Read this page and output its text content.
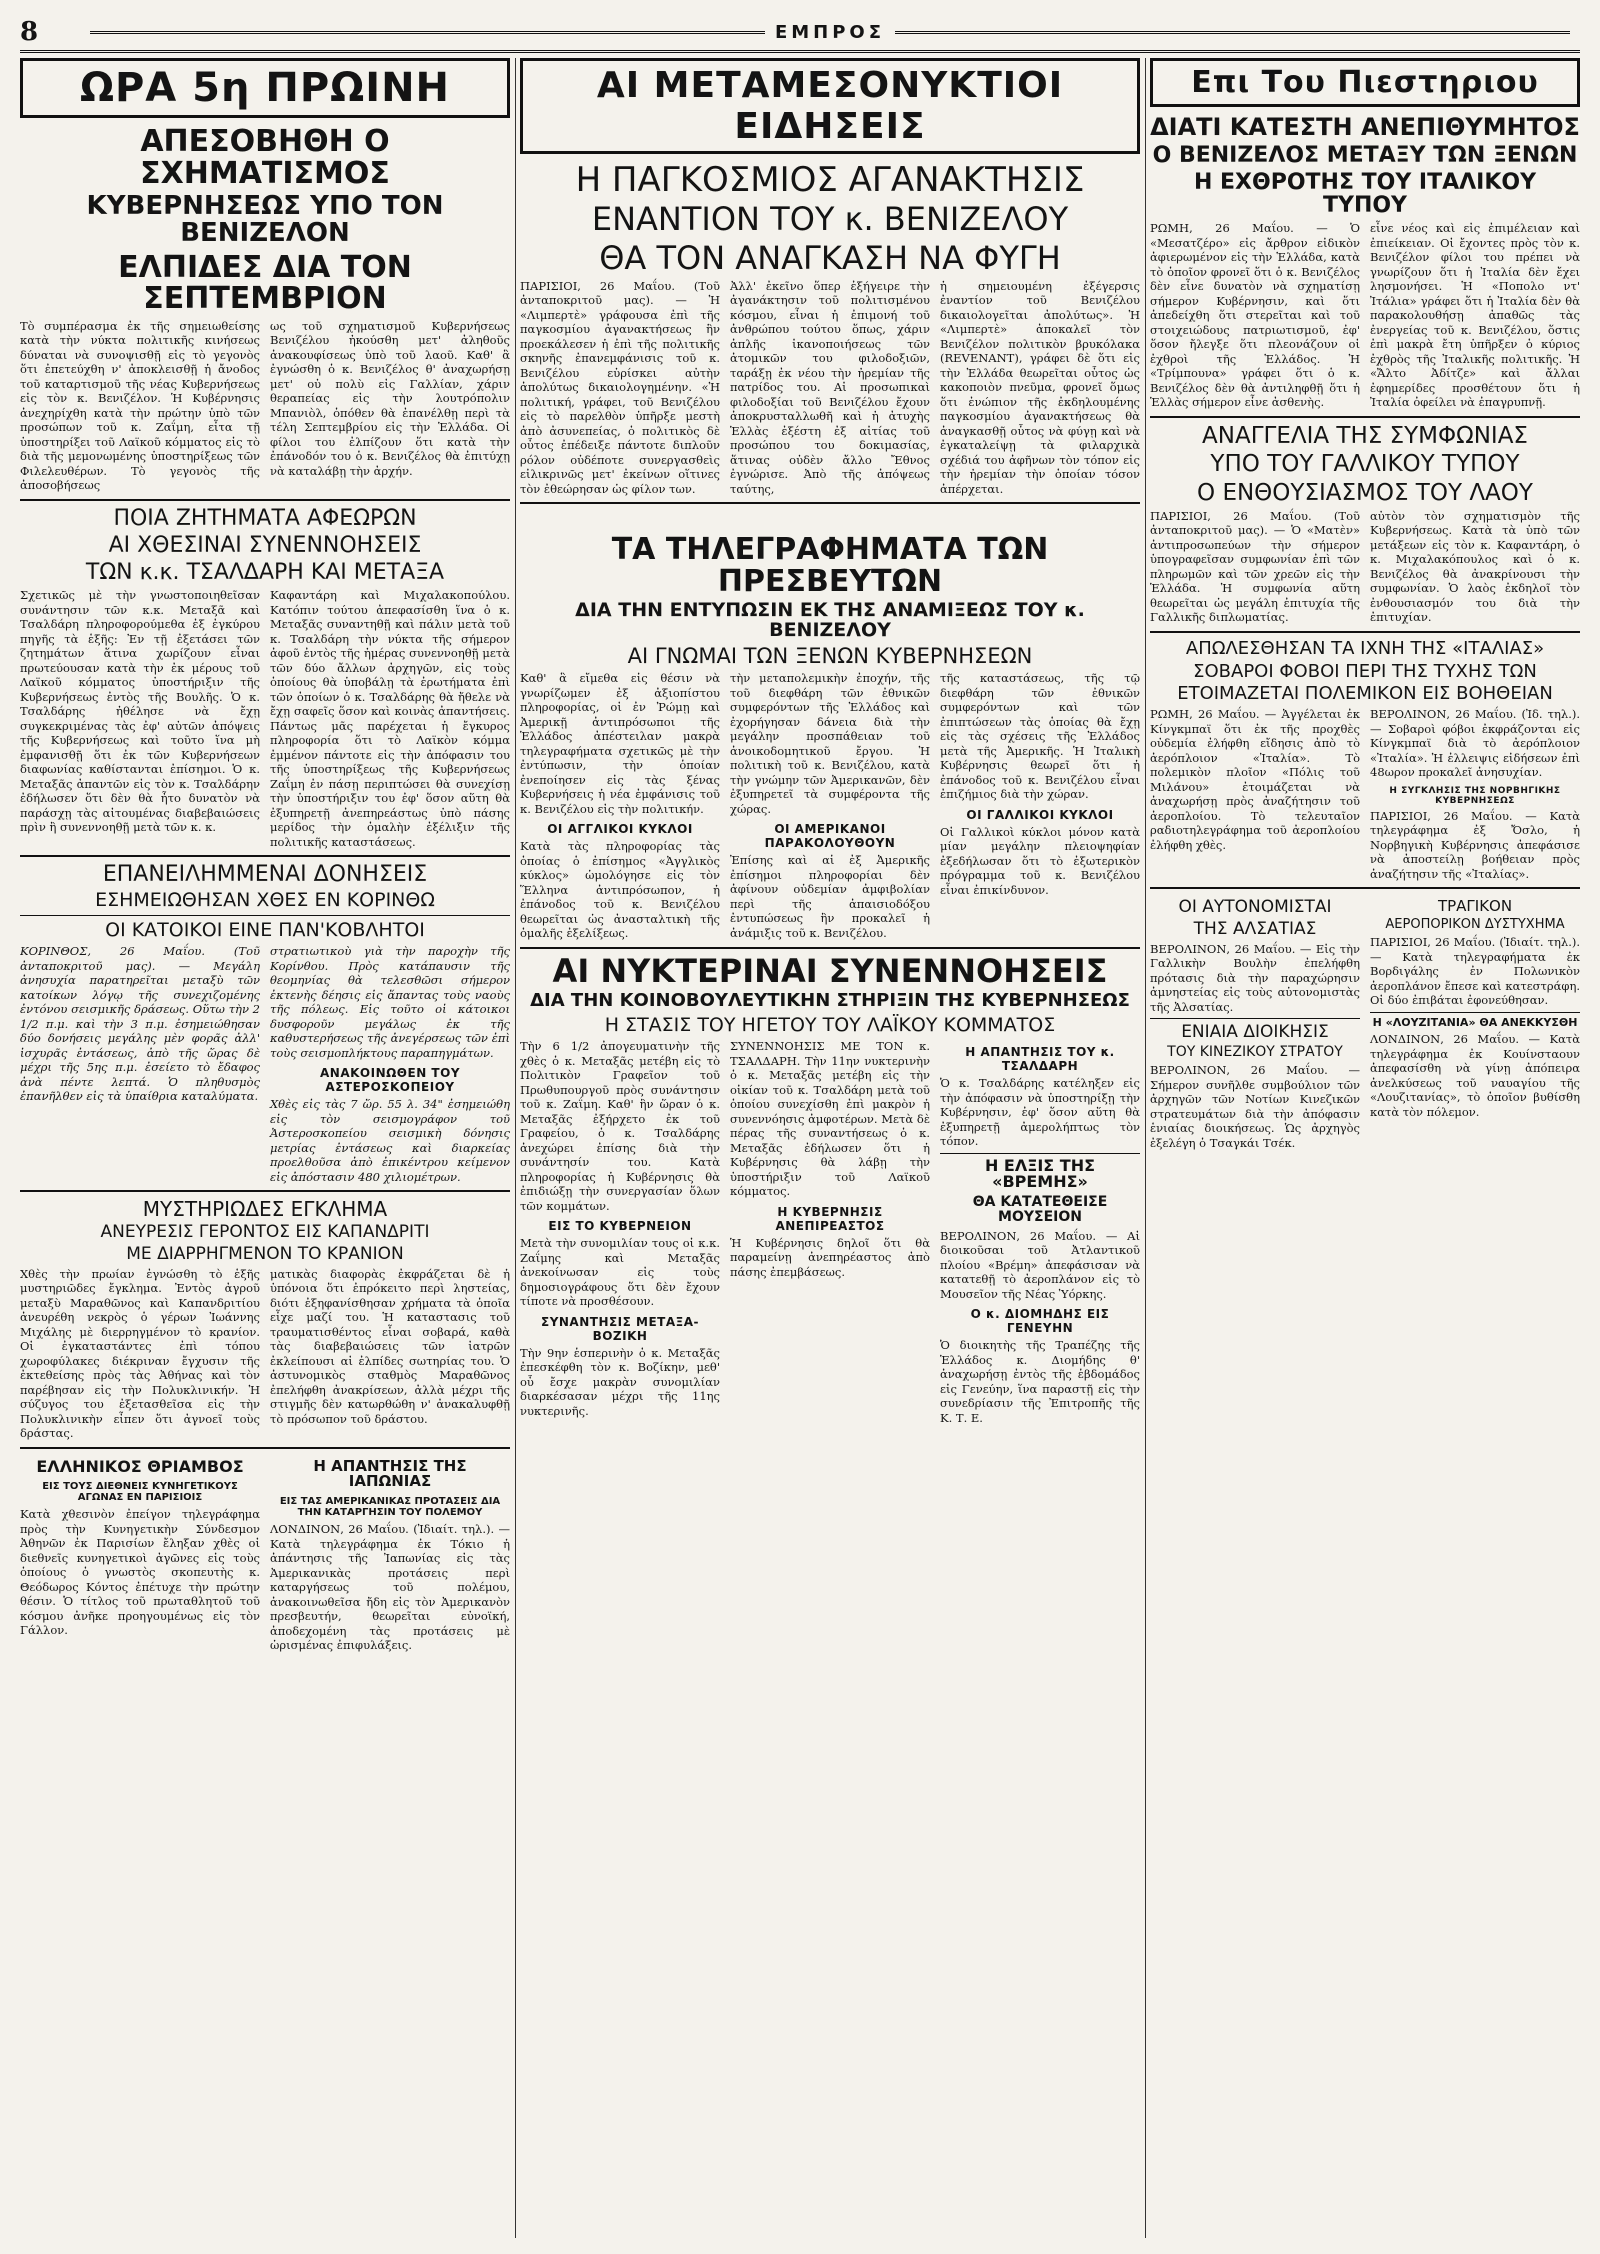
8	ΕΜΠΡΟΣ
ΩΡΑ 5η ΠΡΩΙΝΗ
ΑΠΕΣΟΒΗΘΗ Ο ΣΧΗΜΑΤΙΣΜΟΣ
ΚΥΒΕΡΝΗΣΕΩΣ ΥΠΟ ΤΟΝ ΒΕΝΙΖΕΛΟΝ
ΕΛΠΙΔΕΣ ΔΙΑ ΤΟΝ ΣΕΠΤΕΜΒΡΙΟΝ

Τὸ συμπέρασμα ἐκ τῆς σημειωθείσης κατὰ τὴν νύκτα πολιτικῆς κινήσεως δύναται νὰ συνοψισθῇ εἰς τὸ γεγονὸς ὅτι ἐπετεύχθη ν' ἀποκλεισθῇ ἡ ἄνοδος τοῦ καταρτισμοῦ τῆς νέας Κυβερνήσεως εἰς τὸν κ. Βενιζέλον. Ἡ Κυβέρνησις ἀνεχηρίχθη κατὰ τὴν πρώτην ὑπὸ τῶν προσώπων τοῦ κ. Ζαΐμη, εἶτα τῇ ὑποστηρίξει τοῦ Λαϊκοῦ κόμματος εἰς τὸ διὰ τῆς μεμονωμένης ὑποστηρίξεως τῶν Φιλελευθέρων. Τὸ γεγονὸς τῆς ἀποσοβήσεως

ως τοῦ σχηματισμοῦ Κυβερνήσεως Βενιζέλου ἠκούσθη μετ' ἀληθοῦς ἀνακουφίσεως ὑπὸ τοῦ λαοῦ. Καθ' ἃ ἐγνώσθη ὁ κ. Βενιζέλος θ' ἀναχωρήσῃ μετ' οὐ πολὺ εἰς Γαλλίαν, χάριν θεραπείας εἰς τὴν λουτρόπολιν Μπανιὸλ, ὁπόθεν θὰ ἐπανέλθῃ περὶ τὰ τέλη Σεπτεμβρίου εἰς τὴν Ἑλλάδα. Οἱ φίλοι του ἐλπίζουν ὅτι κατὰ τὴν ἐπάνοδόν του ὁ κ. Βενιζέλος θὰ ἐπιτύχῃ νὰ καταλάβῃ τὴν ἀρχήν.

ΠΟΙΑ ΖΗΤΗΜΑΤΑ ΑΦΕΩΡΩΝ
ΑΙ ΧΘΕΣΙΝΑΙ ΣΥΝΕΝΝΟΗΣΕΙΣ
ΤΩΝ κ.κ. ΤΣΑΛΔΑΡΗ ΚΑΙ ΜΕΤΑΞΑ

Σχετικῶς μὲ τὴν γνωστοποιηθεῖσαν συνάντησιν τῶν κ.κ. Μεταξᾶ καὶ Τσαλδάρη πληροφορούμεθα ἐξ ἐγκύρου πηγῆς τὰ ἑξῆς: Ἐν τῇ ἐξετάσει τῶν ζητημάτων ἅτινα χωρίζουν εἶναι πρωτεύουσαν κατὰ τὴν ἐκ μέρους τοῦ Λαϊκοῦ κόμματος ὑποστήριξιν τῆς Κυβερνήσεως ἐντὸς τῆς Βουλῆς. Ὁ κ. Τσαλδάρης ἠθέλησε νὰ ἔχῃ συγκεκριμένας τὰς ἐφ' αὐτῶν ἀπόψεις τῆς Κυβερνήσεως καὶ τοῦτο ἵνα μὴ ἐμφανισθῇ ὅτι ἐκ τῶν Κυβερνήσεων διαφωνίας καθίστανται ἐπίσημοι. Ὁ κ. Μεταξᾶς ἀπαντῶν εἰς τὸν κ. Τσαλδάρην ἐδήλωσεν ὅτι δὲν θὰ ἦτο δυνατὸν νὰ παράσχῃ τὰς αἰτουμένας διαβεβαιώσεις πρὶν ἢ συνεννοηθῇ μετὰ τῶν κ. κ.

Καφαντάρη καὶ Μιχαλακοπούλου. Κατόπιν τούτου ἀπεφασίσθη ἵνα ὁ κ. Μεταξᾶς συναντηθῇ καὶ πάλιν μετὰ τοῦ κ. Τσαλδάρη τὴν νύκτα τῆς σήμερον ἀφοῦ ἐντὸς τῆς ἡμέρας συνεννοηθῇ μετὰ τῶν δύο ἄλλων ἀρχηγῶν, εἰς τοὺς ὁποίους θὰ ὑποβάλῃ τὰ ἐρωτήματα ἐπὶ τῶν ὁποίων ὁ κ. Τσαλδάρης θὰ ἤθελε νὰ ἔχῃ σαφεῖς ὅσον καὶ κοινὰς ἀπαντήσεις. Πάντως μᾶς παρέχεται ἡ ἔγκυρος πληροφορία ὅτι τὸ Λαϊκὸν κόμμα ἐμμένον πάντοτε εἰς τὴν ἀπόφασιν του τῆς ὑποστηρίξεως τῆς Κυβερνήσεως Ζαΐμη ἐν πάσῃ περιπτώσει θὰ συνεχίσῃ τὴν ὑποστήριξιν του ἐφ' ὅσον αὕτη θὰ ἐξυπηρετῇ ἀνεπηρεάστως ὑπὸ πάσης μερίδος τὴν ὁμαλὴν ἐξέλιξιν τῆς πολιτικῆς καταστάσεως.

ΕΠΑΝΕΙΛΗΜΜΕΝΑΙ ΔΟΝΗΣΕΙΣ
ΕΣΗΜΕΙΩΘΗΣΑΝ ΧΘΕΣ ΕΝ ΚΟΡΙΝΘΩ
ΟΙ ΚΑΤΟΙΚΟΙ ΕΙΝΕ ΠΑΝ'ΚΟΒΛΗΤΟΙ

ΚΟΡΙΝΘΟΣ, 26 Μαΐου. (Τοῦ ἀνταποκριτοῦ μας). — Μεγάλη ἀνησυχία παρατηρεῖται μεταξὺ τῶν κατοίκων λόγῳ τῆς συνεχιζομένης ἐντόνου σεισμικῆς δράσεως. Οὕτω τὴν 2 1/2 π.μ. καὶ τὴν 3 π.μ. ἐσημειώθησαν δύο δονήσεις μεγάλης μὲν φορᾶς ἀλλ' ἰσχυρᾶς ἐντάσεως, ἀπὸ τῆς ὥρας δὲ μέχρι τῆς 5ης π.μ. ἐσείετο τὸ ἔδαφος ἀνὰ πέντε λεπτά. Ὁ πληθυσμὸς ἐπανῆλθεν εἰς τὰ ὑπαίθρια καταλύματα.

στρατιωτικοὺ γιὰ τὴν παροχὴν τῆς Κορίνθου. Πρὸς κατάπαυσιν τῆς θεομηνίας θὰ τελεσθῶσι σήμερον ἐκτενὴς δέησις εἰς ἅπαντας τοὺς ναοὺς τῆς πόλεως. Εἰς τοῦτο οἱ κάτοικοι δυσφοροῦν μεγάλως ἐκ τῆς καθυστερήσεως τῆς ἀνεγέρσεως τῶν ἐπὶ τοὺς σεισμοπλήκτους παραπηγμάτων.

ΑΝΑΚΟΙΝΩΘΕΝ ΤΟΥ ΑΣΤΕΡΟΣΚΟΠΕΙΟΥ

Χθὲς εἰς τὰς 7 ὥρ. 55 λ. 34" ἐσημειώθη εἰς τὸν σεισμογράφον τοῦ Ἀστεροσκοπείου σεισμικὴ δόνησις μετρίας ἐντάσεως καὶ διαρκείας προελθοῦσα ἀπὸ ἐπικέντρου κείμενον εἰς ἀπόστασιν 480 χιλιομέτρων.

ΜΥΣΤΗΡΙΩΔΕΣ ΕΓΚΛΗΜΑ
ΑΝΕΥΡΕΣΙΣ ΓΕΡΟΝΤΟΣ ΕΙΣ ΚΑΠΑΝΔΡΙΤΙ
ΜΕ ΔΙΑΡΡΗΓΜΕΝΟΝ ΤΟ ΚΡΑΝΙΟΝ

Χθὲς τὴν πρωίαν ἐγνώσθη τὸ ἑξῆς μυστηριῶδες ἔγκλημα. Ἐντὸς ἀγροῦ μεταξὺ Μαραθῶνος καὶ Καπανδριτίου ἀνευρέθη νεκρὸς ὁ γέρων Ἰωάννης Μιχάλης μὲ διερρηγμένον τὸ κρανίον. Οἱ ἐγκαταστάντες ἐπὶ τόπου χωροφύλακες διέκριναν ἔγχυσιν τῆς ἐκτεθείσης πρὸς τὰς Ἀθήνας καὶ τὸν παρέβησαν εἰς τὴν Πολυκλινικήν. Ἡ σύζυγος του ἐξετασθεῖσα εἰς τὴν Πολυκλινικὴν εἶπεν ὅτι ἀγνοεῖ τοὺς δράστας.

ματικὰς διαφορὰς ἐκφράζεται δὲ ἡ ὑπόνοια ὅτι ἐπρόκειτο περὶ ληστείας, διότι ἐξηφανίσθησαν χρήματα τὰ ὁποῖα εἶχε μαζί του. Ἡ καταστασις τοῦ τραυματισθέντος εἶναι σοβαρά, καθὰ τὰς διαβεβαιώσεις τῶν ἰατρῶν ἐκλείπουσι αἱ ἐλπίδες σωτηρίας του. Ὁ ἀστυνομικὸς σταθμὸς Μαραθῶνος ἐπελήφθη ἀνακρίσεων, ἀλλὰ μέχρι τῆς στιγμῆς δὲν κατωρθώθη ν' ἀνακαλυφθῇ τὸ πρόσωπον τοῦ δράστου.

ΕΛΛΗΝΙΚΟΣ ΘΡΙΑΜΒΟΣ
ΕΙΣ ΤΟΥΣ ΔΙΕΘΝΕΙΣ ΚΥΝΗΓΕΤΙΚΟΥΣ ΑΓΩΝΑΣ ΕΝ ΠΑΡΙΣΙΟΙΣ

Κατὰ χθεσινὸν ἐπείγον τηλεγράφημα πρὸς τὴν Κυνηγετικὴν Σύνδεσμον Ἀθηνῶν ἐκ Παρισίων ἔληξαν χθὲς οἱ διεθνεῖς κυνηγετικοὶ ἀγῶνες εἰς τοὺς ὁποίους ὁ γνωστὸς σκοπευτὴς κ. Θεόδωρος Κόντος ἐπέτυχε τὴν πρώτην θέσιν. Ὁ τίτλος τοῦ πρωταθλητοῦ τοῦ κόσμου ἀνῆκε προηγουμένως εἰς τὸν Γάλλον.

Η ΑΠΑΝΤΗΣΙΣ ΤΗΣ ΙΑΠΩΝΙΑΣ
ΕΙΣ ΤΑΣ ΑΜΕΡΙΚΑΝΙΚΑΣ ΠΡΟΤΑΣΕΙΣ ΔΙΑ ΤΗΝ ΚΑΤΑΡΓΗΣΙΝ ΤΟΥ ΠΟΛΕΜΟΥ

ΛΟΝΔΙΝΟΝ, 26 Μαΐου. (Ἰδιαίτ. τηλ.). — Κατὰ τηλεγράφημα ἐκ Τόκιο ἡ ἀπάντησις τῆς Ἰαπωνίας εἰς τὰς Ἀμερικανικὰς προτάσεις περὶ καταργήσεως τοῦ πολέμου, ἀνακοινωθεῖσα ἤδη εἰς τὸν Ἀμερικανὸν πρεσβευτήν, θεωρεῖται εὐνοϊκή, ἀποδεχομένη τὰς προτάσεις μὲ ὡρισμένας ἐπιφυλάξεις.

ΑΙ ΜΕΤΑΜΕΣΟΝΥΚΤΙΟΙ ΕΙΔΗΣΕΙΣ
Η ΠΑΓΚΟΣΜΙΟΣ ΑΓΑΝΑΚΤΗΣΙΣ
ΕΝΑΝΤΙΟΝ ΤΟΥ κ. ΒΕΝΙΖΕΛΟΥ
ΘΑ ΤΟΝ ΑΝΑΓΚΑΣΗ ΝΑ ΦΥΓΗ

ΠΑΡΙΣΙΟΙ, 26 Μαΐου. (Τοῦ ἀνταποκριτοῦ μας). — Ἡ «Λιμπερτὲ» γράφουσα ἐπὶ τῆς παγκοσμίου ἀγανακτήσεως ἣν προεκάλεσεν ἡ ἐπὶ τῆς πολιτικῆς σκηνῆς ἐπανεμφάνισις τοῦ κ. Βενιζέλου εὑρίσκει αὐτὴν ἀπολύτως δικαιολογημένην. «Ἡ πολιτική, γράφει, τοῦ Βενιζέλου εἰς τὸ παρελθὸν ὑπῆρξε μεστὴ ἀπὸ ἀσυνεπείας, ὁ πολιτικὸς δὲ οὗτος ἐπέδειξε πάντοτε διπλοῦν ρόλον οὐδέποτε συνεργασθεὶς εἰλικρινῶς μετ' ἐκείνων οἵτινες τὸν ἐθεώρησαν ὡς φίλον των.

Ἀλλ' ἐκεῖνο ὅπερ ἐξήγειρε τὴν ἀγανάκτησιν τοῦ πολιτισμένου κόσμου, εἶναι ἡ ἐπιμονή τοῦ ἀνθρώπου τούτου ὅπως, χάριν ἀπλῆς ἱκανοποιήσεως τῶν ἀτομικῶν του φιλοδοξιῶν, ταράξῃ ἐκ νέου τὴν ἠρεμίαν τῆς πατρίδος του. Αἱ προσωπικαὶ φιλοδοξίαι τοῦ Βενιζέλου ἔχουν ἀποκρυσταλλωθῆ καὶ ἡ ἀτυχὴς Ἑλλὰς ἐξέστη ἐξ αἰτίας τοῦ προσώπου του δοκιμασίας, ἅτινας οὐδὲν ἄλλο Ἔθνος ἐγνώρισε. Ἀπὸ τῆς ἀπόψεως ταύτης,

ἡ σημειουμένη ἐξέγερσις ἐναντίον τοῦ Βενιζέλου δικαιολογεῖται ἀπολύτως». Ἡ «Λιμπερτὲ» ἀποκαλεῖ τὸν Βενιζέλον πολιτικὸν βρυκόλακα (REVENANT), γράφει δὲ ὅτι εἰς τὴν Ἑλλάδα θεωρεῖται οὗτος ὡς κακοποιὸν πνεῦμα, φρονεῖ ὅμως ὅτι ἐνώπιον τῆς ἐκδηλουμένης παγκοσμίου ἀγανακτήσεως θὰ ἀναγκασθῇ οὗτος νὰ φύγῃ καὶ νὰ ἐγκαταλείψῃ τὰ φιλαρχικὰ σχέδιά του ἀφῆνων τὸν τόπον εἰς τὴν ἠρεμίαν τὴν ὁποίαν τόσον ἀπέρχεται.

ΤΑ ΤΗΛΕΓΡΑΦΗΜΑΤΑ ΤΩΝ ΠΡΕΣΒΕΥΤΩΝ
ΔΙΑ ΤΗΝ ΕΝΤΥΠΩΣΙΝ ΕΚ ΤΗΣ ΑΝΑΜΙΞΕΩΣ ΤΟΥ κ. ΒΕΝΙΖΕΛΟΥ
ΑΙ ΓΝΩΜΑΙ ΤΩΝ ΞΕΝΩΝ ΚΥΒΕΡΝΗΣΕΩΝ

Καθ' ἃ εἴμεθα εἰς θέσιν νὰ γνωρίζωμεν ἐξ ἀξιοπίστου πληροφορίας, οἱ ἐν Ῥώμῃ καὶ Ἀμερικῇ ἀντιπρόσωποι τῆς Ἑλλάδος ἀπέστειλαν μακρὰ τηλεγραφήματα σχετικῶς μὲ τὴν ἐντύπωσιν, τὴν ὁποίαν ἐνεποίησεν εἰς τὰς ξένας Κυβερνήσεις ἡ νέα ἐμφάνισις τοῦ κ. Βενιζέλου εἰς τὴν πολιτικήν.

ΟΙ ΑΓΓΛΙΚΟΙ ΚΥΚΛΟΙ

Κατὰ τὰς πληροφορίας τὰς ὁποίας ὁ ἐπίσημος «Ἀγγλικὸς κύκλος» ὡμολόγησε εἰς τὸν Ἕλληνα ἀντιπρόσωπον, ἡ ἐπάνοδος τοῦ κ. Βενιζέλου θεωρεῖται ὡς ἀνασταλτικὴ τῆς ὁμαλῆς ἐξελίξεως.

τὴν μεταπολεμικὴν ἐποχήν, τῆς τοῦ διεφθάρη τῶν ἐθνικῶν συμφερόντων τῆς Ἑλλάδος καὶ ἐχορήγησαν δάνεια διὰ τὴν μεγάλην προσπάθειαν τοῦ ἀνοικοδομητικοῦ ἔργου. Ἡ πολιτικὴ τοῦ κ. Βενιζέλου, κατὰ τὴν γνώμην τῶν Ἀμερικανῶν, δὲν ἐξυπηρετεῖ τὰ συμφέροντα τῆς χώρας.

ΟΙ ΑΜΕΡΙΚΑΝΟΙ ΠΑΡΑΚΟΛΟΥΘΟΥΝ

Ἐπίσης καὶ αἱ ἐξ Ἀμερικῆς ἐπίσημοι πληροφορίαι δὲν ἀφίνουν οὐδεμίαν ἀμφιβολίαν περὶ τῆς ἀπαισιοδόξου ἐντυπώσεως ἣν προκαλεῖ ἡ ἀνάμιξις τοῦ κ. Βενιζέλου.

τῆς καταστάσεως, τῆς τῷ διεφθάρη τῶν ἐθνικῶν συμφερόντων καὶ τῶν ἐπιπτώσεων τὰς ὁποίας θὰ ἔχῃ εἰς τὰς σχέσεις τῆς Ἑλλάδος μετὰ τῆς Ἀμερικῆς. Ἡ Ἰταλικὴ Κυβέρνησις θεωρεῖ ὅτι ἡ ἐπάνοδος τοῦ κ. Βενιζέλου εἶναι ἐπιζήμιος διὰ τὴν χώραν.

ΟΙ ΓΑΛΛΙΚΟΙ ΚΥΚΛΟΙ

Οἱ Γαλλικοὶ κύκλοι μόνον κατὰ μίαν μεγάλην πλειοψηφίαν ἐξεδήλωσαν ὅτι τὸ ἐξωτερικὸν πρόγραμμα τοῦ κ. Βενιζέλου εἶναι ἐπικίνδυνον.

ΑΙ ΝΥΚΤΕΡΙΝΑΙ ΣΥΝΕΝΝΟΗΣΕΙΣ
ΔΙΑ ΤΗΝ ΚΟΙΝΟΒΟΥΛΕΥΤΙΚΗΝ ΣΤΗΡΙΞΙΝ ΤΗΣ ΚΥΒΕΡΝΗΣΕΩΣ
Η ΣΤΑΣΙΣ ΤΟΥ ΗΓΕΤΟΥ ΤΟΥ ΛΑΪΚΟΥ ΚΟΜΜΑΤΟΣ

Τὴν 6 1/2 ἀπογευματινὴν τῆς χθὲς ὁ κ. Μεταξᾶς μετέβη εἰς τὸ Πολιτικὸν Γραφεῖον τοῦ Πρωθυπουργοῦ πρὸς συνάντησιν τοῦ κ. Ζαΐμη. Καθ' ἣν ὥραν ὁ κ. Μεταξᾶς ἐξήρχετο ἐκ τοῦ Γραφείου, ὁ κ. Τσαλδάρης ἀνεχώρει ἐπίσης διὰ τὴν συνάντησίν του. Κατὰ πληροφορίας ἡ Κυβέρνησις θὰ ἐπιδιώξῃ τὴν συνεργασίαν ὅλων τῶν κομμάτων.

ΕΙΣ ΤΟ ΚΥΒΕΡΝΕΙΟΝ

Μετὰ τὴν συνομιλίαν τους οἱ κ.κ. Ζαΐμης καὶ Μεταξᾶς ἀνεκοίνωσαν εἰς τοὺς δημοσιογράφους ὅτι δὲν ἔχουν τίποτε νὰ προσθέσουν.

ΣΥΝΑΝΤΗΣΙΣ ΜΕΤΑΞΑ-ΒΟΖΙΚΗ

Τὴν 9ην ἑσπερινὴν ὁ κ. Μεταξᾶς ἐπεσκέφθη τὸν κ. Βοζίκην, μεθ' οὗ ἔσχε μακρὰν συνομιλίαν διαρκέσασαν μέχρι τῆς 11ης νυκτερινῆς.

ΣΥΝΕΝΝΟΗΣΙΣ ΜΕ ΤΟΝ κ. ΤΣΑΛΔΑΡΗ. Τὴν 11ην νυκτερινὴν ὁ κ. Μεταξᾶς μετέβη εἰς τὴν οἰκίαν τοῦ κ. Τσαλδάρη μετὰ τοῦ ὁποίου συνεχίσθη ἐπὶ μακρὸν ἡ συνεννόησις ἀμφοτέρων. Μετὰ δὲ πέρας τῆς συναντήσεως ὁ κ. Μεταξᾶς ἐδήλωσεν ὅτι ἡ Κυβέρνησις θὰ λάβῃ τὴν ὑποστήριξιν τοῦ Λαϊκοῦ κόμματος.

Η ΚΥΒΕΡΝΗΣΙΣ ΑΝΕΠΙΡΕΑΣΤΟΣ

Ἡ Κυβέρνησις δηλοῖ ὅτι θὰ παραμείνῃ ἀνεπηρέαστος ἀπὸ πάσης ἐπεμβάσεως.

Η ΑΠΑΝΤΗΣΙΣ ΤΟΥ κ. ΤΣΑΛΔΑΡΗ

Ὁ κ. Τσαλδάρης κατέληξεν εἰς τὴν ἀπόφασιν νὰ ὑποστηρίξῃ τὴν Κυβέρνησιν, ἐφ' ὅσον αὕτη θὰ ἐξυπηρετῇ ἀμερολήπτως τὸν τόπον.

Η ΕΛΞΙΣ ΤΗΣ «ΒΡΕΜΗΣ»
ΘΑ ΚΑΤΑΤΕΘΕΙΣΕ ΜΟΥΣΕΙΟΝ

ΒΕΡΟΛΙΝΟΝ, 26 Μαΐου. — Αἱ διοικοῦσαι τοῦ Ἀτλαντικοῦ πλοίου «Βρέμη» ἀπεφάσισαν νὰ κατατεθῇ τὸ ἀεροπλάνον εἰς τὸ Μουσεῖον τῆς Νέας Ὑόρκης.

Ο κ. ΔΙΟΜΗΔΗΣ ΕΙΣ ΓΕΝΕΥΗΝ

Ὁ διοικητὴς τῆς Τραπέζης τῆς Ἑλλάδος κ. Διομήδης θ' ἀναχωρήσῃ ἐντὸς τῆς ἑβδομάδος εἰς Γενεύην, ἵνα παραστῇ εἰς τὴν συνεδρίασιν τῆς Ἐπιτροπῆς τῆς Κ. Τ. Ε.

Επι Του Πιεστηριου
ΔΙΑΤΙ ΚΑΤΕΣΤΗ ΑΝΕΠΙΘΥΜΗΤΟΣ
Ο ΒΕΝΙΖΕΛΟΣ ΜΕΤΑΞΥ ΤΩΝ ΞΕΝΩΝ
Η ΕΧΘΡΟΤΗΣ ΤΟΥ ΙΤΑΛΙΚΟΥ ΤΥΠΟΥ

ΡΩΜΗ, 26 Μαΐου. — Ὁ «Μεσατζέρο» εἰς ἄρθρον εἰδικὸν ἀφιερωμένον εἰς τὴν Ἑλλάδα, κατὰ τὸ ὁποῖον φρονεῖ ὅτι ὁ κ. Βενιζέλος δὲν εἶνε δυνατὸν νὰ σχηματίσῃ σήμερον Κυβέρνησιν, καὶ ὅτι ἀπεδείχθη ὅτι στερεῖται καὶ τοῦ στοιχειώδους πατριωτισμοῦ, ἐφ' ὅσον ἤλεγξε ὅτι πλεονάζουν οἱ ἐχθροὶ τῆς Ἑλλάδος. Ἡ «Τρίμπουνα» γράφει ὅτι ὁ κ. Βενιζέλος δὲν θὰ ἀντιληφθῇ ὅτι ἡ Ἑλλὰς σήμερον εἶνε ἀσθενὴς.

εἶνε νέος καὶ εἰς ἐπιμέλειαν καὶ ἐπιείκειαν. Οἱ ἔχοντες πρὸς τὸν κ. Βενιζέλον φίλοι του πρέπει νὰ γνωρίζουν ὅτι ἡ Ἰταλία δὲν ἔχει λησμονήσει. Ἡ «Ποπολο ντ' Ἰτάλια» γράφει ὅτι ἡ Ἰταλία δὲν θὰ παρακολουθήσῃ ἀπαθῶς τὰς ἐνεργείας τοῦ κ. Βενιζέλου, ὅστις ἐπὶ μακρὰ ἔτη ὑπῆρξεν ὁ κύριος ἐχθρὸς τῆς Ἰταλικῆς πολιτικῆς. Ἡ «Ἄλτο Ἀδίτζε» καὶ ἄλλαι ἐφημερίδες προσθέτουν ὅτι ἡ Ἰταλία ὀφείλει νὰ ἐπαγρυπνῇ.

ΑΝΑΓΓΕΛΙΑ ΤΗΣ ΣΥΜΦΩΝΙΑΣ
ΥΠΟ ΤΟΥ ΓΑΛΛΙΚΟΥ ΤΥΠΟΥ
Ο ΕΝΘΟΥΣΙΑΣΜΟΣ ΤΟΥ ΛΑΟΥ

ΠΑΡΙΣΙΟΙ, 26 Μαΐου. (Τοῦ ἀνταποκριτοῦ μας). — Ὁ «Ματὲν» ἀντιπροσωπεύων τὴν σήμερον ὑπογραφεῖσαν συμφωνίαν ἐπὶ τῶν πληρωμῶν καὶ τῶν χρεῶν εἰς τὴν Ἑλλάδα. Ἡ συμφωνία αὕτη θεωρεῖται ὡς μεγάλη ἐπιτυχία τῆς Γαλλικῆς διπλωματίας.

αὐτὸν τὸν σχηματισμὸν τῆς Κυβερνήσεως. Κατὰ τὰ ὑπὸ τῶν μετάξεων εἰς τὸν κ. Καφαντάρη, ὁ κ. Μιχαλακόπουλος καὶ ὁ κ. Βενιζέλος θὰ ἀνακρίνουσι τὴν συμφωνίαν. Ὁ λαὸς ἐκδηλοῖ τὸν ἐνθουσιασμόν του διὰ τὴν ἐπιτυχίαν.

ΑΠΩΛΕΣΘΗΣΑΝ ΤΑ ΙΧΝΗ ΤΗΣ «ΙΤΑΛΙΑΣ»
ΣΟΒΑΡΟΙ ΦΟΒΟΙ ΠΕΡΙ ΤΗΣ ΤΥΧΗΣ ΤΩΝ
ΕΤΟΙΜΑΖΕΤΑΙ ΠΟΛΕΜΙΚΟΝ ΕΙΣ ΒΟΗΘΕΙΑΝ

ΡΩΜΗ, 26 Μαΐου. — Ἀγγέλεται ἐκ Κίνγκμπαϊ ὅτι ἐκ τῆς προχθὲς οὐδεμία ἐλήφθη εἴδησις ἀπὸ τὸ ἀερόπλοιον «Ἰταλία». Τὸ πολεμικὸν πλοῖον «Πόλις τοῦ Μιλάνου» ἐτοιμάζεται νὰ ἀναχωρήσῃ πρὸς ἀναζήτησιν τοῦ ἀεροπλοίου. Τὸ τελευταῖον ραδιοτηλεγράφημα τοῦ ἀεροπλοίου ἐλήφθη χθὲς.

ΒΕΡΟΛΙΝΟΝ, 26 Μαΐου. (Ἰδ. τηλ.). — Σοβαροὶ φόβοι ἐκφράζονται εἰς Κίνγκμπαϊ διὰ τὸ ἀερόπλοιον «Ἰταλία». Ἡ ἐλλειψις εἰδήσεων ἐπὶ 48ωρον προκαλεῖ ἀνησυχίαν.

Η ΣΥΓΚΛΗΣΙΣ ΤΗΣ ΝΟΡΒΗΓΙΚΗΣ ΚΥΒΕΡΝΗΣΕΩΣ

ΠΑΡΙΣΙΟΙ, 26 Μαΐου. — Κατὰ τηλεγράφημα ἐξ Ὄσλο, ἡ Νορβηγικὴ Κυβέρνησις ἀπεφάσισε νὰ ἀποστείλῃ βοήθειαν πρὸς ἀναζήτησιν τῆς «Ἰταλίας».

ΟΙ ΑΥΤΟΝΟΜΙΣΤΑΙ
ΤΗΣ ΑΛΣΑΤΙΑΣ

ΒΕΡΟΛΙΝΟΝ, 26 Μαΐου. — Εἰς τὴν Γαλλικὴν Βουλὴν ἐπελήφθη πρότασις διὰ τὴν παραχώρησιν ἀμνηστείας εἰς τοὺς αὐτονομιστὰς τῆς Ἀλσατίας.

ΕΝΙΑΙΑ ΔΙΟΙΚΗΣΙΣ
ΤΟΥ ΚΙΝΕΖΙΚΟΥ ΣΤΡΑΤΟΥ

ΒΕΡΟΛΙΝΟΝ, 26 Μαΐου. — Σήμερον συνῆλθε συμβούλιον τῶν ἀρχηγῶν τῶν Νοτίων Κινεζικῶν στρατευμάτων διὰ τὴν ἀπόφασιν ἑνιαίας διοικήσεως. Ὡς ἀρχηγὸς ἐξελέγη ὁ Τσαγκάι Τσέκ.

ΤΡΑΓΙΚΟΝ
ΑΕΡΟΠΟΡΙΚΟΝ ΔΥΣΤΥΧΗΜΑ

ΠΑΡΙΣΙΟΙ, 26 Μαΐου. (Ἰδιαίτ. τηλ.). — Κατὰ τηλεγραφήματα ἐκ Βορδιγάλης ἐν Πολωνικὸν ἀεροπλάνον ἔπεσε καὶ κατεστράφη. Οἱ δύο ἐπιβάται ἐφονεύθησαν.

Η «ΛΟΥΖΙΤΑΝΙΑ» ΘΑ ΑΝΕΚΚΥΣΘΗ

ΛΟΝΔΙΝΟΝ, 26 Μαΐου. — Κατὰ τηλεγράφημα ἐκ Κουίνσταουν ἀπεφασίσθη νὰ γίνῃ ἀπόπειρα ἀνελκύσεως τοῦ ναυαγίου τῆς «Λουζιτανίας», τὸ ὁποῖον βυθίσθη κατὰ τὸν πόλεμον.
